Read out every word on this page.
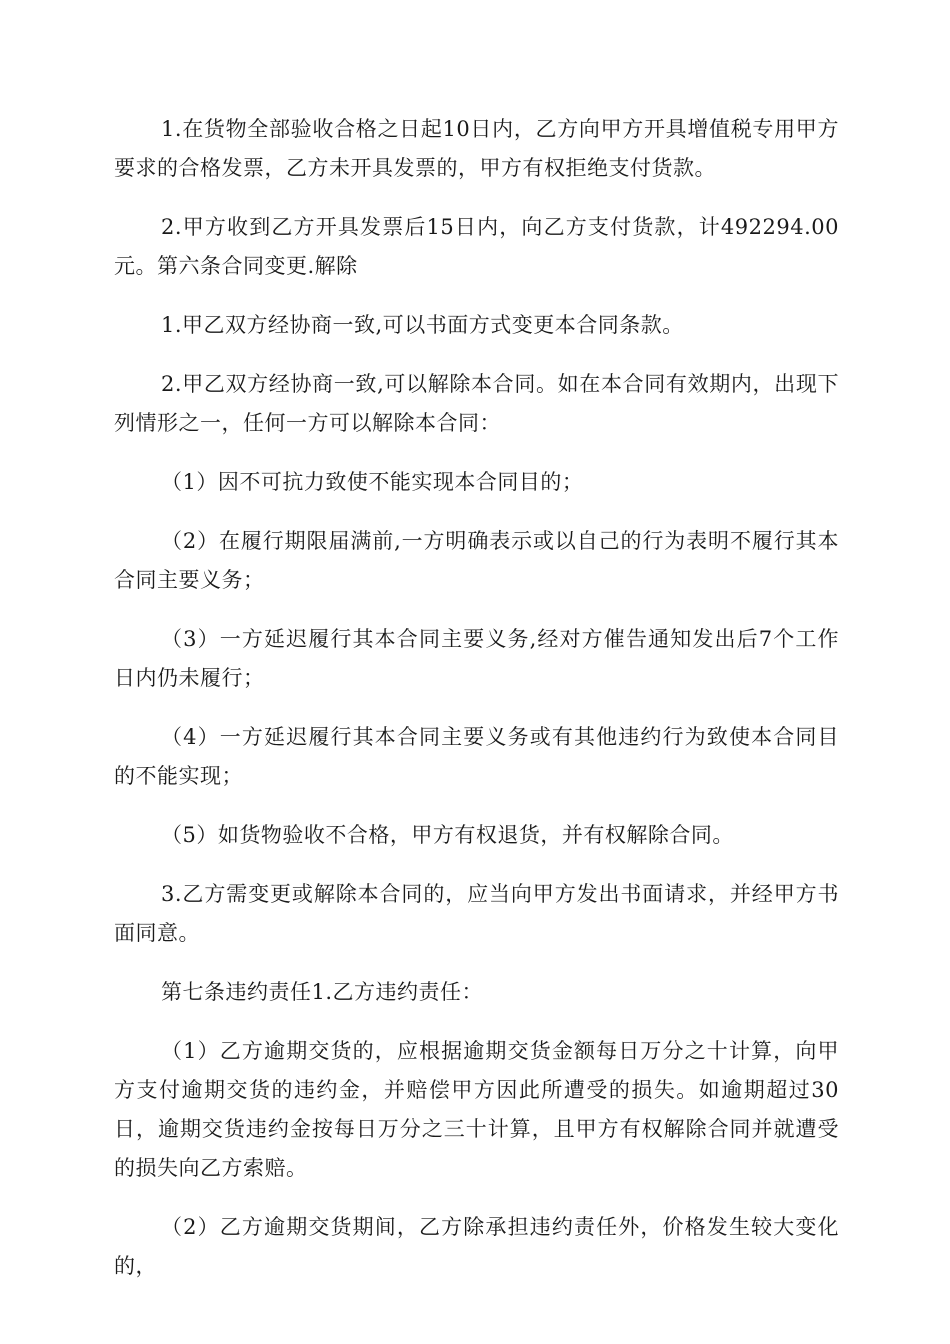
1.在货物全部验收合格之日起10日内，乙方向甲方开具增值税专用甲方要求的合格发票，乙方未开具发票的，甲方有权拒绝支付货款。

2.甲方收到乙方开具发票后15日内，向乙方支付货款，计492294.00元。第六条合同变更.解除

1.甲乙双方经协商一致,可以书面方式变更本合同条款。

2.甲乙双方经协商一致,可以解除本合同。如在本合同有效期内，出现下列情形之一，任何一方可以解除本合同：

（1）因不可抗力致使不能实现本合同目的；

（2）在履行期限届满前,一方明确表示或以自己的行为表明不履行其本合同主要义务；

（3）一方延迟履行其本合同主要义务,经对方催告通知发出后7个工作日内仍未履行；

（4）一方延迟履行其本合同主要义务或有其他违约行为致使本合同目的不能实现；

（5）如货物验收不合格，甲方有权退货，并有权解除合同。

3.乙方需变更或解除本合同的，应当向甲方发出书面请求，并经甲方书面同意。

第七条违约责任1.乙方违约责任：

（1）乙方逾期交货的，应根据逾期交货金额每日万分之十计算，向甲方支付逾期交货的违约金，并赔偿甲方因此所遭受的损失。如逾期超过30日，逾期交货违约金按每日万分之三十计算，且甲方有权解除合同并就遭受的损失向乙方索赔。

（2）乙方逾期交货期间，乙方除承担违约责任外，价格发生较大变化的，
